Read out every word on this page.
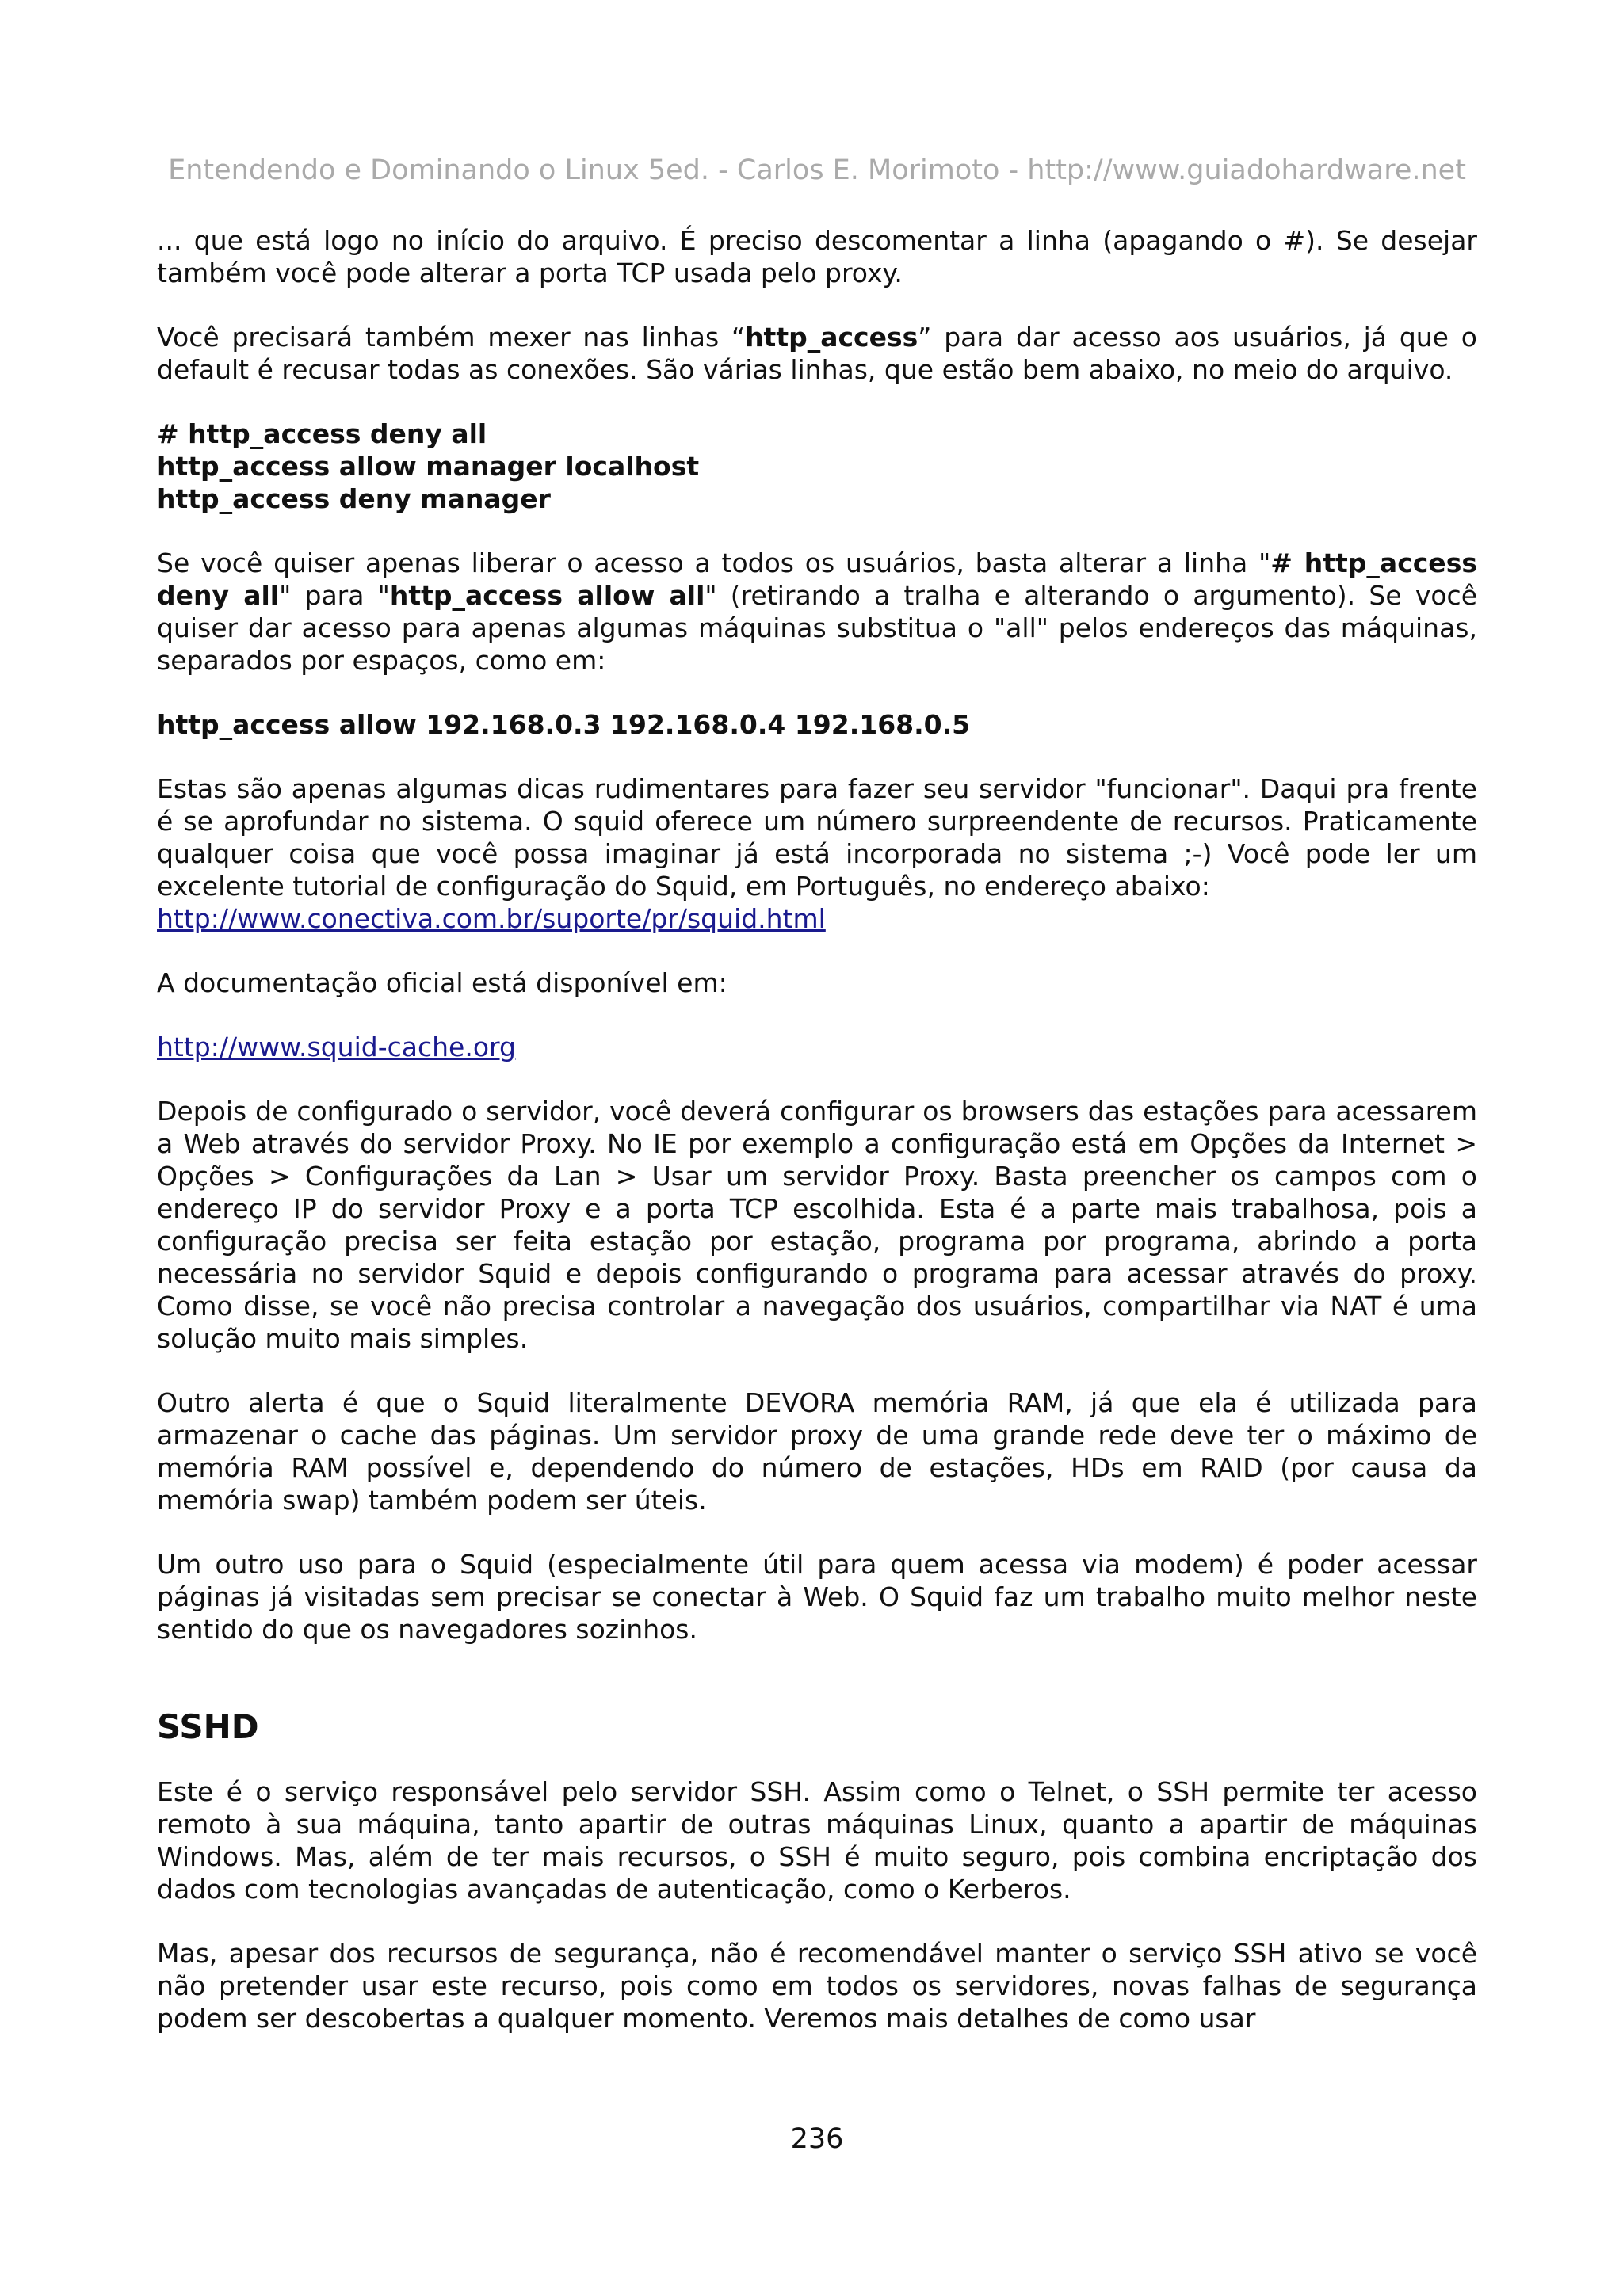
Entendendo e Dominando o Linux 5ed. - Carlos E. Morimoto - http://www.guiadohardware.net

... que está logo no início do arquivo. É preciso descomentar a linha (apagando o #). Se desejar também você pode alterar a porta TCP usada pelo proxy.

Você precisará também mexer nas linhas “http_access” para dar acesso aos usuários, já que o default é recusar todas as conexões. São várias linhas, que estão bem abaixo, no meio do arquivo.

# http_access deny all
http_access allow manager localhost
http_access deny manager

Se você quiser apenas liberar o acesso a todos os usuários, basta alterar a linha "# http_access deny all" para "http_access allow all" (retirando a tralha e alterando o argumento). Se você quiser dar acesso para apenas algumas máquinas substitua o "all" pelos endereços das máquinas, separados por espaços, como em:

http_access allow 192.168.0.3 192.168.0.4 192.168.0.5

Estas são apenas algumas dicas rudimentares para fazer seu servidor "funcionar". Daqui pra frente é se aprofundar no sistema. O squid oferece um número surpreendente de recursos. Praticamente qualquer coisa que você possa imaginar já está incorporada no sistema ;-) Você pode ler um excelente tutorial de configuração do Squid, em Português, no endereço abaixo:
http://www.conectiva.com.br/suporte/pr/squid.html

A documentação oficial está disponível em:

http://www.squid-cache.org

Depois de configurado o servidor, você deverá configurar os browsers das estações para acessarem a Web através do servidor Proxy. No IE por exemplo a configuração está em Opções da Internet > Opções > Configurações da Lan > Usar um servidor Proxy. Basta preencher os campos com o endereço IP do servidor Proxy e a porta TCP escolhida. Esta é a parte mais trabalhosa, pois a configuração precisa ser feita estação por estação, programa por programa, abrindo a porta necessária no servidor Squid e depois configurando o programa para acessar através do proxy. Como disse, se você não precisa controlar a navegação dos usuários, compartilhar via NAT é uma solução muito mais simples.

Outro alerta é que o Squid literalmente DEVORA memória RAM, já que ela é utilizada para armazenar o cache das páginas. Um servidor proxy de uma grande rede deve ter o máximo de memória RAM possível e, dependendo do número de estações, HDs em RAID (por causa da memória swap) também podem ser úteis.

Um outro uso para o Squid (especialmente útil para quem acessa via modem) é poder acessar páginas já visitadas sem precisar se conectar à Web. O Squid faz um trabalho muito melhor neste sentido do que os navegadores sozinhos.

SSHD

Este é o serviço responsável pelo servidor SSH. Assim como o Telnet, o SSH permite ter acesso remoto à sua máquina, tanto apartir de outras máquinas Linux, quanto a apartir de máquinas Windows. Mas, além de ter mais recursos, o SSH é muito seguro, pois combina encriptação dos dados com tecnologias avançadas de autenticação, como o Kerberos.

Mas, apesar dos recursos de segurança, não é recomendável manter o serviço SSH ativo se você não pretender usar este recurso, pois como em todos os servidores, novas falhas de segurança podem ser descobertas a qualquer momento. Veremos mais detalhes de como usar

236
